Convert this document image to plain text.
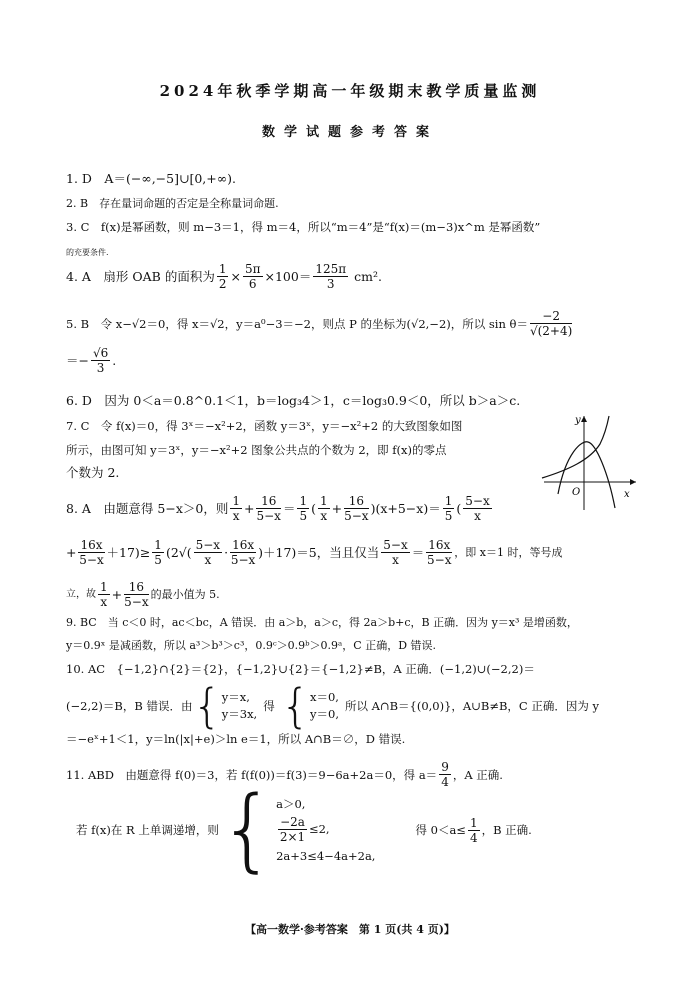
2024年秋季学期高一年级期末教学质量监测
数学试题参考答案
1. D　A＝(−∞,−5]∪[0,+∞).
2. B　存在量词命题的否定是全称量词命题.
3. C　f(x)是幂函数，则 m−3＝1，得 m＝4，所以“m＝4”是“f(x)＝(m−3)x^m 是幂函数”
的充要条件.
4. A　扇形 OAB 的面积为 $\frac{1}{2} \times \frac{5\pi}{6} \times 100= \frac{125\pi}{3} cm^2$.
5. B　令 x−√2＝0，得 x＝√2，y＝a⁰−3＝−2，则点 P 的坐标为(√2,−2)，所以 $\sin \theta= \frac{-2}{√(2+4)}$
＝− $\frac{√6}{3}$ .
6. D　因为 0＜a＝0.8^0.1＜1，b＝log₃4＞1，c＝log₃0.9＜0，所以 b＞a＞c.
7. C　令 f(x)＝0，得 3ˣ＝−x²+2，函数 y＝3ˣ，y＝−x²+2 的大致图象如图
所示，由图可知 y＝3ˣ，y＝−x²+2 图象公共点的个数为 2，即 f(x)的零点
个数为 2.
y
x
O
8. A　由题意得 5−x＞0，则 $\frac{1}{x} + \frac{16}{5-x} = \frac{1}{5}$ ( $\frac{1}{x} + \frac{16}{5-x} )(x+5-x)= \frac{1}{5}$ ( $\frac{5-x}{x}$
+ $\frac{16x}{5-x} +17)\ge \frac{1}{5} (2√( \frac{5-x}{x} \cdot \frac{16x}{5-x}$ ) ＋17)＝5，当且仅当 $\frac{5-x}{x} = \frac{16x}{5-x}$ ，即 x＝1 时，等号成
立，故 $\frac{1}{x} + \frac{16}{5-x}$ 的最小值为 5.
9. BC　当 c＜0 时，ac＜bc，A 错误．由 a＞b，a＞c，得 2a＞b+c，B 正确．因为 y＝x³ 是增函数，
y＝0.9ˣ 是减函数，所以 a³＞b³＞c³，0.9ᶜ＞0.9ᵇ＞0.9ᵃ，C 正确，D 错误.
10. AC　{−1,2}∩{2}＝{2}，{−1,2}∪{2}＝{−1,2}≠B，A 正确．(−1,2)∪(−2,2)＝
(−2,2)＝B，B 错误．由 { y＝x,
y＝3x,
得 { x＝0,
y＝0,
所以 A∩B＝{(0,0)}，A∪B≠B，C 正确．因为 y
＝−eˣ+1＜1，y＝ln(|x|+e)＞ln e＝1，所以 A∩B＝∅，D 错误.
11. ABD　由题意得 f(0)＝3，若 f(f(0))＝f(3)＝9−6a+2a＝0，得 $a= \frac{9}{4}$ ，A 正确.
若 f(x)在 R 上单调递增，则 { a＞0,
$\frac{-2a}{2\times 1} \le 2$,
2a+3≤4−4a+2a,
得 $0<a\le \frac{1}{4}$ ，B 正确.
【高一数学·参考答案　第 1 页(共 4 页)】
